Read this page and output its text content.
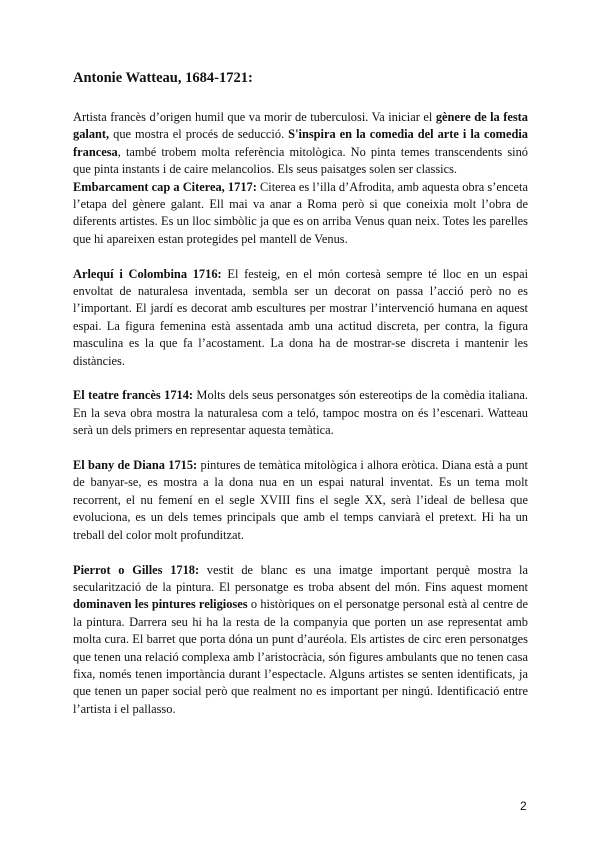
Antonie Watteau, 1684-1721:

Artista francès d’origen humil que va morir de tuberculosi. Va iniciar el gènere de la festa galant, que mostra el procés de seducció. S'inspira en la comedia del arte i la comedia francesa, també trobem molta referència mitològica. No pinta temes transcendents sinó que pinta instants i de caire melancolios. Els seus paisatges solen ser classics.

Embarcament cap a Citerea, 1717: Citerea es l’illa d’Afrodita, amb aquesta obra s’enceta l’etapa del gènere galant. Ell mai va anar a Roma però si que coneixia molt l’obra de diferents artistes. Es un lloc simbòlic ja que es on arriba Venus quan neix. Totes les parelles que hi apareixen estan protegides pel mantell de Venus.

Arlequí i Colombina 1716: El festeig, en el món cortesà sempre té lloc en un espai envoltat de naturalesa inventada, sembla ser un decorat on passa l’acció però no es l’important. El jardí es decorat amb escultures per mostrar l’intervenció humana en aquest espai. La figura femenina està assentada amb una actitud discreta, per contra, la figura masculina es la que fa l’acostament. La dona ha de mostrar-se discreta i mantenir les distàncies.

El teatre francès 1714: Molts dels seus personatges són estereotips de la comèdia italiana. En la seva obra mostra la naturalesa com a teló, tampoc mostra on és l’escenari. Watteau serà un dels primers en representar aquesta temàtica.

El bany de Diana 1715: pintures de temàtica mitològica i alhora eròtica. Diana està a punt de banyar-se, es mostra a la dona nua en un espai natural inventat. Es un tema molt recorrent, el nu femení en el segle XVIII fins el segle XX, serà l’ideal de bellesa que evoluciona, es un dels temes principals que amb el temps canviarà el pretext. Hi ha un treball del color molt profunditzat.

Pierrot o Gilles 1718: vestit de blanc es una imatge important perquè mostra la secularització de la pintura. El personatge es troba absent del món. Fins aquest moment dominaven les pintures religioses o històriques on el personatge personal està al centre de la pintura. Darrera seu hi ha la resta de la companyia que porten un ase representat amb molta cura. El barret que porta dóna un punt d’auréola. Els artistes de circ eren personatges que tenen una relació complexa amb l’aristocràcia, són figures ambulants que no tenen casa fixa, només tenen importància durant l’espectacle. Alguns artistes se senten identificats, ja que tenen un paper social però que realment no es important per ningú. Identificació entre l’artista i el pallasso.

2
